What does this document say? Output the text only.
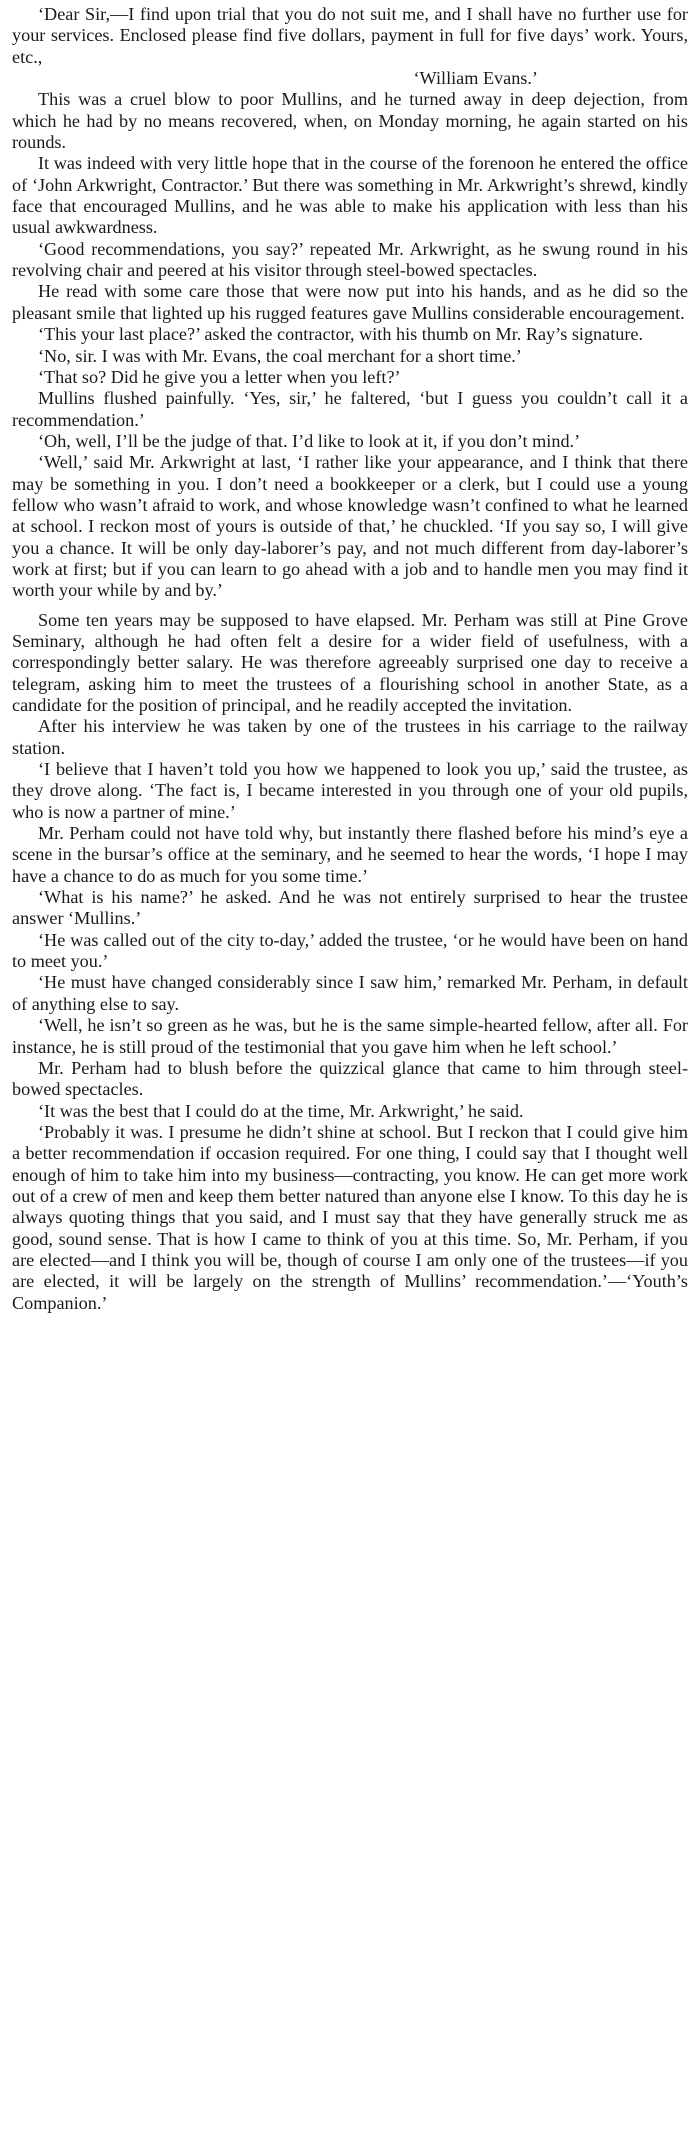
‘Dear Sir,—I find upon trial that you do not suit me, and I shall have no further use for your services. Enclosed please find five dollars, payment in full for five days’ work. Yours, etc.,

‘William Evans.’

This was a cruel blow to poor Mullins, and he turned away in deep dejection, from which he had by no means recovered, when, on Monday morning, he again started on his rounds.

It was indeed with very little hope that in the course of the forenoon he entered the office of ‘John Arkwright, Contractor.’ But there was something in Mr. Arkwright’s shrewd, kindly face that encouraged Mullins, and he was able to make his application with less than his usual awkwardness.

‘Good recommendations, you say?’ repeated Mr. Arkwright, as he swung round in his revolving chair and peered at his visitor through steel-bowed spectacles.

He read with some care those that were now put into his hands, and as he did so the pleasant smile that lighted up his rugged features gave Mullins considerable encouragement.

‘This your last place?’ asked the contractor, with his thumb on Mr. Ray’s signature.

‘No, sir. I was with Mr. Evans, the coal merchant for a short time.’

‘That so? Did he give you a letter when you left?’

Mullins flushed painfully. ‘Yes, sir,’ he faltered, ‘but I guess you couldn’t call it a recommendation.’

‘Oh, well, I’ll be the judge of that. I’d like to look at it, if you don’t mind.’

‘Well,’ said Mr. Arkwright at last, ‘I rather like your appearance, and I think that there may be something in you. I don’t need a bookkeeper or a clerk, but I could use a young fellow who wasn’t afraid to work, and whose knowledge wasn’t confined to what he learned at school. I reckon most of yours is outside of that,’ he chuckled. ‘If you say so, I will give you a chance. It will be only day-laborer’s pay, and not much different from day-laborer’s work at first; but if you can learn to go ahead with a job and to handle men you may find it worth your while by and by.’

Some ten years may be supposed to have elapsed. Mr. Perham was still at Pine Grove Seminary, although he had often felt a desire for a wider field of usefulness, with a correspondingly better salary. He was therefore agreeably surprised one day to receive a telegram, asking him to meet the trustees of a flourishing school in another State, as a candidate for the position of principal, and he readily accepted the invitation.

After his interview he was taken by one of the trustees in his carriage to the railway station.

‘I believe that I haven’t told you how we happened to look you up,’ said the trustee, as they drove along. ‘The fact is, I became interested in you through one of your old pupils, who is now a partner of mine.’

Mr. Perham could not have told why, but instantly there flashed before his mind’s eye a scene in the bursar’s office at the seminary, and he seemed to hear the words, ‘I hope I may have a chance to do as much for you some time.’

‘What is his name?’ he asked. And he was not entirely surprised to hear the trustee answer ‘Mullins.’

‘He was called out of the city to-day,’ added the trustee, ‘or he would have been on hand to meet you.’

‘He must have changed considerably since I saw him,’ remarked Mr. Perham, in default of anything else to say.

‘Well, he isn’t so green as he was, but he is the same simple-hearted fellow, after all. For instance, he is still proud of the testimonial that you gave him when he left school.’

Mr. Perham had to blush before the quizzical glance that came to him through steel-bowed spectacles.

‘It was the best that I could do at the time, Mr. Arkwright,’ he said.

‘Probably it was. I presume he didn’t shine at school. But I reckon that I could give him a better recommendation if occasion required. For one thing, I could say that I thought well enough of him to take him into my business—contracting, you know. He can get more work out of a crew of men and keep them better natured than anyone else I know. To this day he is always quoting things that you said, and I must say that they have generally struck me as good, sound sense. That is how I came to think of you at this time. So, Mr. Perham, if you are elected—and I think you will be, though of course I am only one of the trustees—if you are elected, it will be largely on the strength of Mullins’ recommendation.’—‘Youth’s Companion.’
